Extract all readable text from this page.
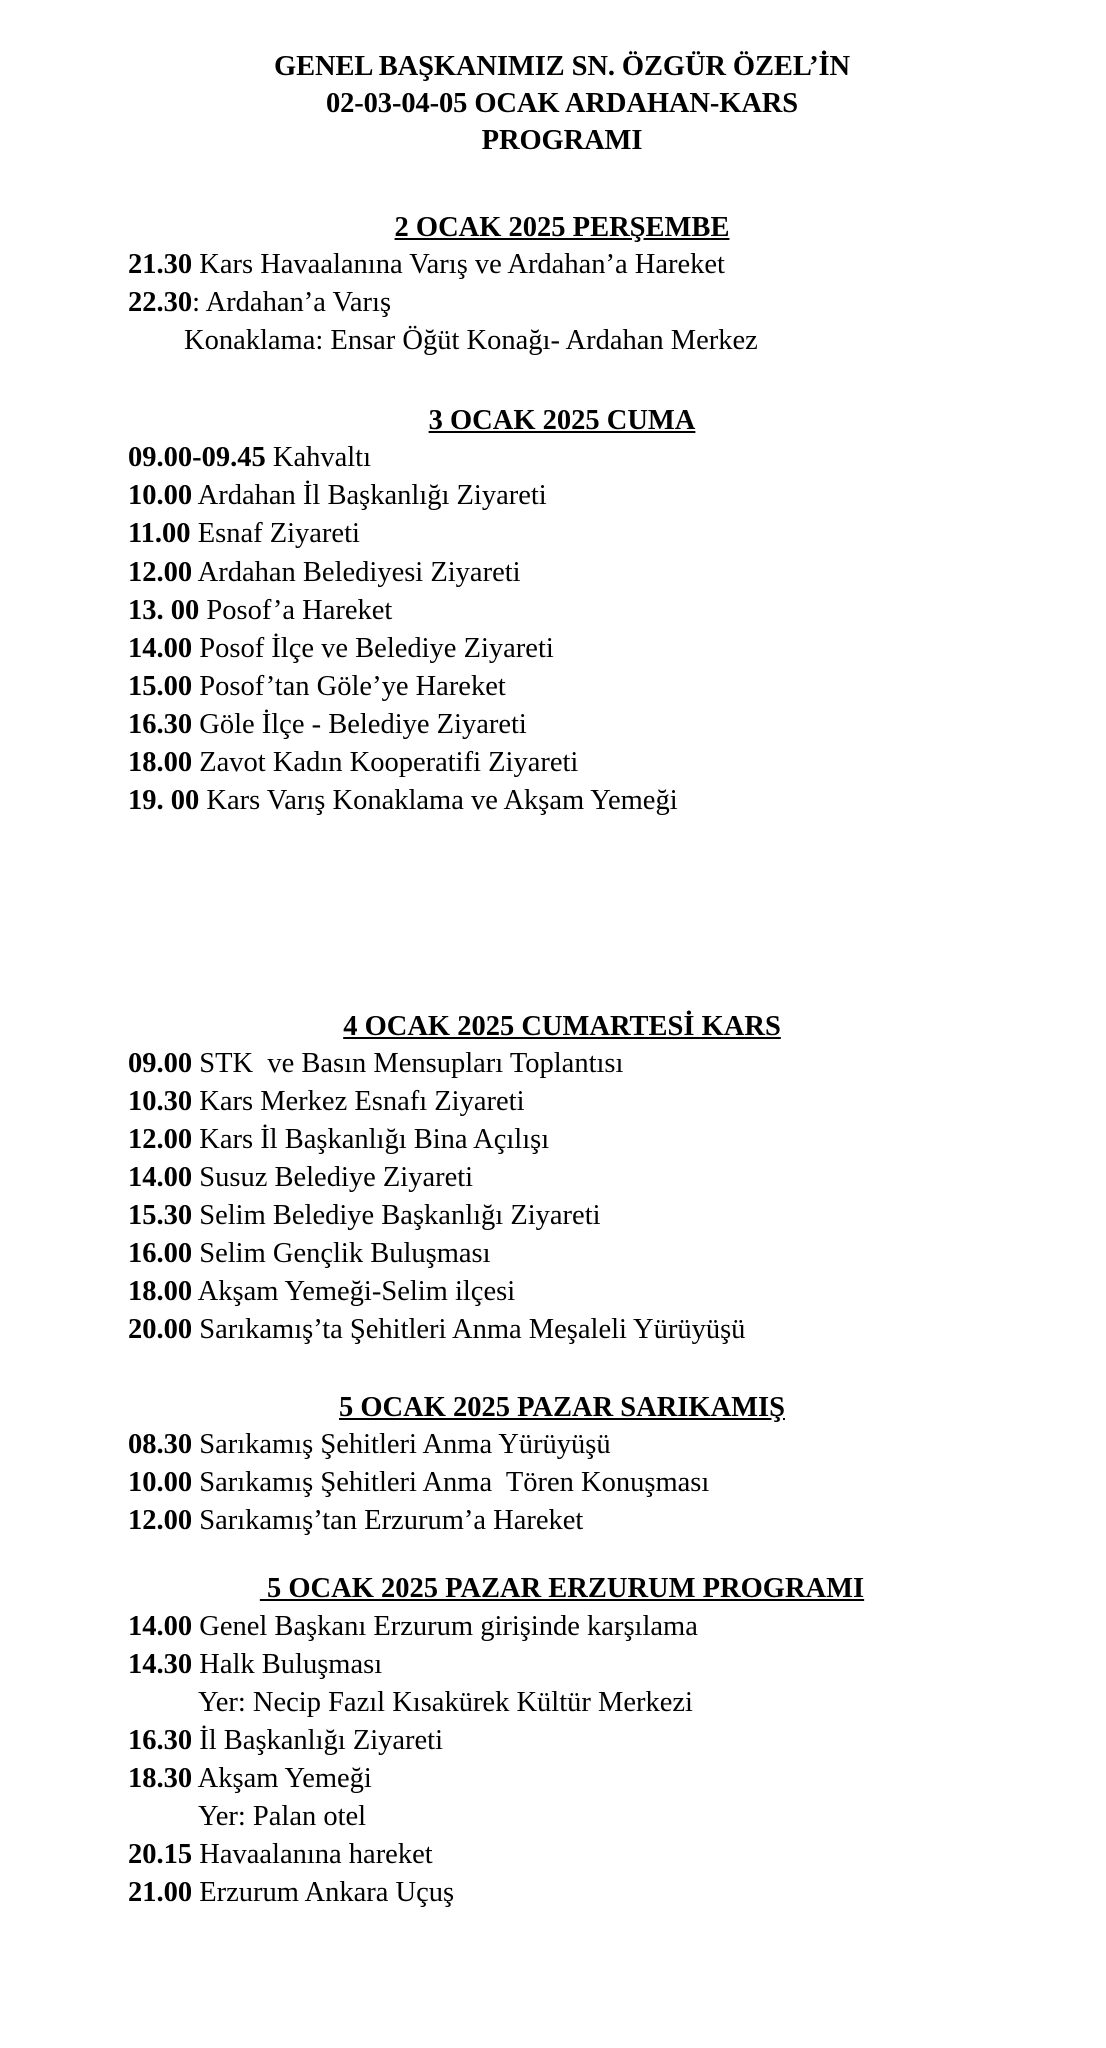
GENEL BAŞKANIMIZ SN. ÖZGÜR ÖZEL’İN
02-03-04-05 OCAK ARDAHAN-KARS
PROGRAMI
2 OCAK 2025 PERŞEMBE
21.30 Kars Havaalanına Varış ve Ardahan’a Hareket
22.30: Ardahan’a Varış
Konaklama: Ensar Öğüt Konağı- Ardahan Merkez
3 OCAK 2025 CUMA
09.00-09.45 Kahvaltı
10.00 Ardahan İl Başkanlığı Ziyareti
11.00 Esnaf Ziyareti
12.00 Ardahan Belediyesi Ziyareti
13. 00 Posof’a Hareket
14.00 Posof İlçe ve Belediye Ziyareti
15.00 Posof’tan Göle’ye Hareket
16.30 Göle İlçe - Belediye Ziyareti
18.00 Zavot Kadın Kooperatifi Ziyareti
19. 00 Kars Varış Konaklama ve Akşam Yemeği
4 OCAK 2025 CUMARTESİ KARS
09.00 STK  ve Basın Mensupları Toplantısı
10.30 Kars Merkez Esnafı Ziyareti
12.00 Kars İl Başkanlığı Bina Açılışı
14.00 Susuz Belediye Ziyareti
15.30 Selim Belediye Başkanlığı Ziyareti
16.00 Selim Gençlik Buluşması
18.00 Akşam Yemeği-Selim ilçesi
20.00 Sarıkamış’ta Şehitleri Anma Meşaleli Yürüyüşü
5 OCAK 2025 PAZAR SARIKAMIŞ
08.30 Sarıkamış Şehitleri Anma Yürüyüşü
10.00 Sarıkamış Şehitleri Anma  Tören Konuşması
12.00 Sarıkamış’tan Erzurum’a Hareket
5 OCAK 2025 PAZAR ERZURUM PROGRAMI
14.00 Genel Başkanı Erzurum girişinde karşılama
14.30 Halk Buluşması
Yer: Necip Fazıl Kısakürek Kültür Merkezi
16.30 İl Başkanlığı Ziyareti
18.30 Akşam Yemeği
Yer: Palan otel
20.15 Havaalanına hareket
21.00 Erzurum Ankara Uçuş
